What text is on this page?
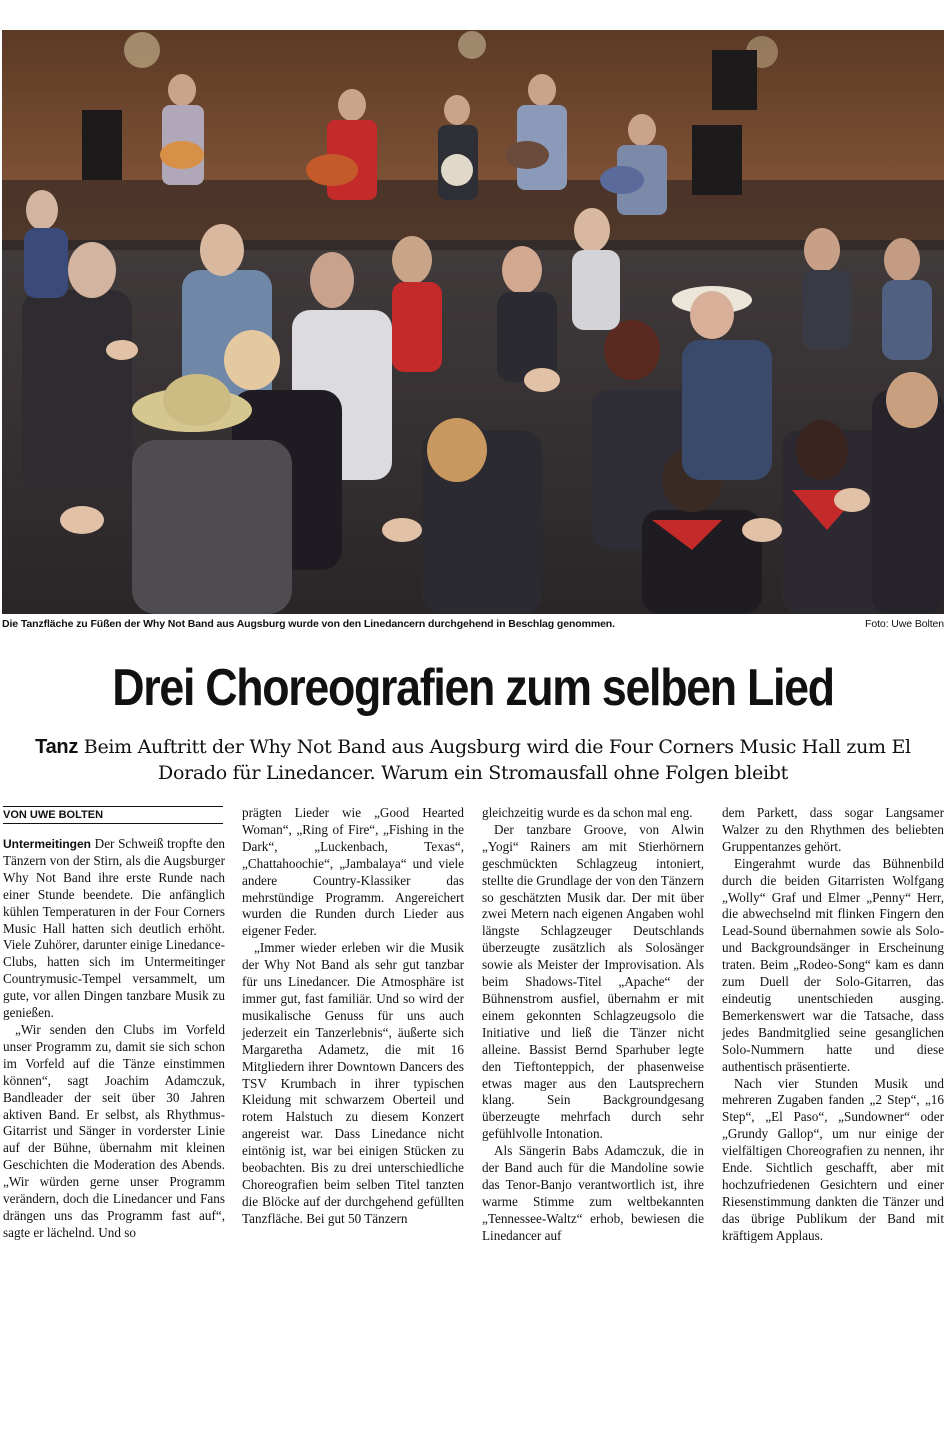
Die Tanzfläche zu Füßen der Why Not Band aus Augsburg wurde von den Linedancern durchgehend in Beschlag genommen.	Foto: Uwe Bolten
Drei Choreografien zum selben Lied
Tanz Beim Auftritt der Why Not Band aus Augsburg wird die Four Corners Music Hall zum El Dorado für Linedancer. Warum ein Stromausfall ohne Folgen bleibt
VON UWE BOLTEN

Untermeitingen Der Schweiß tropfte den Tänzern von der Stirn, als die Augsburger Why Not Band ihre erste Runde nach einer Stunde beendete. Die anfänglich kühlen Temperaturen in der Four Corners Music Hall hatten sich deutlich erhöht. Viele Zuhörer, darunter einige Linedance-Clubs, hatten sich im Untermeitinger Countrymusic-Tempel versammelt, um gute, vor allen Dingen tanzbare Musik zu genießen.

„Wir senden den Clubs im Vorfeld unser Programm zu, damit sie sich schon im Vorfeld auf die Tänze einstimmen können“, sagt Joachim Adamczuk, Bandleader der seit über 30 Jahren aktiven Band. Er selbst, als Rhythmus-Gitarrist und Sänger in vorderster Linie auf der Bühne, übernahm mit kleinen Geschichten die Moderation des Abends. „Wir würden gerne unser Programm verändern, doch die Linedancer und Fans drängen uns das Programm fast auf“, sagte er lächelnd. Und so

prägten Lieder wie „Good Hearted Woman“, „Ring of Fire“, „Fishing in the Dark“, „Luckenbach, Texas“, „Chattahoochie“, „Jambalaya“ und viele andere Country-Klassiker das mehrstündige Programm. Angereichert wurden die Runden durch Lieder aus eigener Feder.

„Immer wieder erleben wir die Musik der Why Not Band als sehr gut tanzbar für uns Linedancer. Die Atmosphäre ist immer gut, fast familiär. Und so wird der musikalische Genuss für uns auch jederzeit ein Tanzerlebnis“, äußerte sich Margaretha Adametz, die mit 16 Mitgliedern ihrer Downtown Dancers des TSV Krumbach in ihrer typischen Kleidung mit schwarzem Oberteil und rotem Halstuch zu diesem Konzert angereist war. Dass Linedance nicht eintönig ist, war bei einigen Stücken zu beobachten. Bis zu drei unterschiedliche Choreografien beim selben Titel tanzten die Blöcke auf der durchgehend gefüllten Tanzfläche. Bei gut 50 Tänzern

gleichzeitig wurde es da schon mal eng.

Der tanzbare Groove, von Alwin „Yogi“ Rainers am mit Stierhörnern geschmückten Schlagzeug intoniert, stellte die Grundlage der von den Tänzern so geschätzten Musik dar. Der mit über zwei Metern nach eigenen Angaben wohl längste Schlagzeuger Deutschlands überzeugte zusätzlich als Solosänger sowie als Meister der Improvisation. Als beim Shadows-Titel „Apache“ der Bühnenstrom ausfiel, übernahm er mit einem gekonnten Schlagzeugsolo die Initiative und ließ die Tänzer nicht alleine. Bassist Bernd Sparhuber legte den Tieftonteppich, der phasenweise etwas mager aus den Lautsprechern klang. Sein Backgroundgesang überzeugte mehrfach durch sehr gefühlvolle Intonation.

Als Sängerin Babs Adamczuk, die in der Band auch für die Mandoline sowie das Tenor-Banjo verantwortlich ist, ihre warme Stimme zum weltbekannten „Tennessee-Waltz“ erhob, bewiesen die Linedancer auf

dem Parkett, dass sogar Langsamer Walzer zu den Rhythmen des beliebten Gruppentanzes gehört.

Eingerahmt wurde das Bühnenbild durch die beiden Gitarristen Wolfgang „Wolly“ Graf und Elmer „Penny“ Herr, die abwechselnd mit flinken Fingern den Lead-Sound übernahmen sowie als Solo- und Backgroundsänger in Erscheinung traten. Beim „Rodeo-Song“ kam es dann zum Duell der Solo-Gitarren, das eindeutig unentschieden ausging. Bemerkenswert war die Tatsache, dass jedes Bandmitglied seine gesanglichen Solo-Nummern hatte und diese authentisch präsentierte.

Nach vier Stunden Musik und mehreren Zugaben fanden „2 Step“, „16 Step“, „El Paso“, „Sundowner“ oder „Grundy Gallop“, um nur einige der vielfältigen Choreografien zu nennen, ihr Ende. Sichtlich geschafft, aber mit hochzufriedenen Gesichtern und einer Riesenstimmung dankten die Tänzer und das übrige Publikum der Band mit kräftigem Applaus.
